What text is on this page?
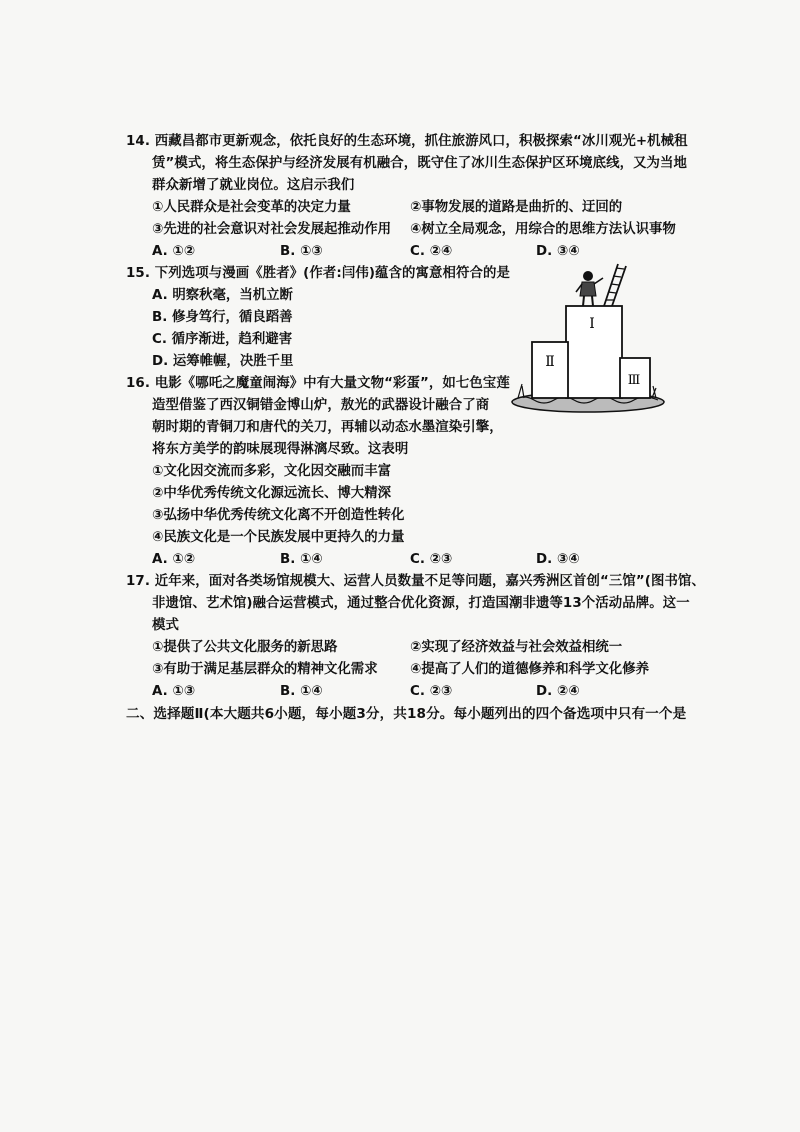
14. 西藏昌都市更新观念，依托良好的生态环境，抓住旅游风口，积极探索“冰川观光+机械租
赁”模式，将生态保护与经济发展有机融合，既守住了冰川生态保护区环境底线，又为当地
群众新增了就业岗位。这启示我们
①人民群众是社会变革的决定力量	②事物发展的道路是曲折的、迂回的
③先进的社会意识对社会发展起推动作用 ④树立全局观念，用综合的思维方法认识事物
A. ①②	B. ①③	C. ②④	D. ③④
15. 下列选项与漫画《胜者》(作者:闫伟)蕴含的寓意相符合的是
A. 明察秋毫，当机立断
B. 修身笃行，循良蹈善
C. 循序渐进，趋利避害
D. 运筹帷幄，决胜千里
Ⅰ
Ⅱ
Ⅲ
16. 电影《哪吒之魔童闹海》中有大量文物“彩蛋”，如七色宝莲
造型借鉴了西汉铜错金博山炉，敖光的武器设计融合了商
朝时期的青铜刀和唐代的关刀，再辅以动态水墨渲染引擎，
将东方美学的韵味展现得淋漓尽致。这表明
①文化因交流而多彩，文化因交融而丰富
②中华优秀传统文化源远流长、博大精深
③弘扬中华优秀传统文化离不开创造性转化
④民族文化是一个民族发展中更持久的力量
A. ①②	B. ①④	C. ②③	D. ③④
17. 近年来，面对各类场馆规模大、运营人员数量不足等问题，嘉兴秀洲区首创“三馆”(图书馆、
非遗馆、艺术馆)融合运营模式，通过整合优化资源，打造国潮非遗等13个活动品牌。这一
模式
①提供了公共文化服务的新思路	②实现了经济效益与社会效益相统一
③有助于满足基层群众的精神文化需求 ④提高了人们的道德修养和科学文化修养
A. ①③	B. ①④	C. ②③	D. ②④
二、选择题Ⅱ(本大题共6小题，每小题3分，共18分。每小题列出的四个备选项中只有一个是
